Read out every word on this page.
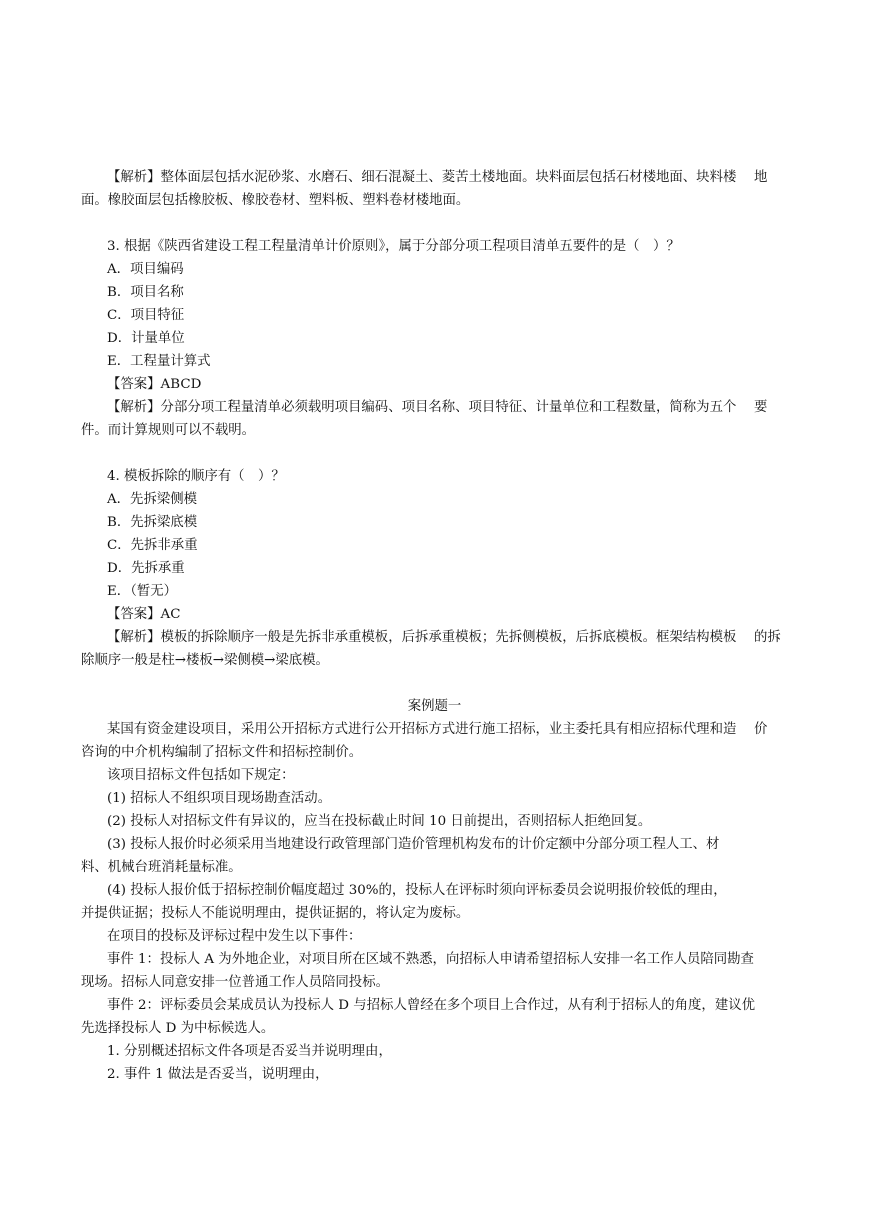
【解析】整体面层包括水泥砂浆、水磨石、细石混凝土、菱苦土楼地面。块料面层包括石材楼地面、块料楼　 地
面。橡胶面层包括橡胶板、橡胶卷材、塑料板、塑料卷材楼地面。
3. 根据《陕西省建设工程工程量清单计价原则》，属于分部分项工程项目清单五要件的是（　）？
A．项目编码
B．项目名称
C．项目特征
D．计量单位
E．工程量计算式
【答案】ABCD
【解析】分部分项工程量清单必须载明项目编码、项目名称、项目特征、计量单位和工程数量，简称为五个　 要
件。而计算规则可以不载明。
4. 模板拆除的顺序有（　）？
A．先拆梁侧模
B．先拆梁底模
C．先拆非承重
D．先拆承重
E．（暂无）
【答案】AC
【解析】模板的拆除顺序一般是先拆非承重模板，后拆承重模板；先拆侧模板，后拆底模板。框架结构模板　 的拆
除顺序一般是柱→楼板→梁侧模→梁底模。
案例题一
某国有资金建设项目，采用公开招标方式进行公开招标方式进行施工招标，业主委托具有相应招标代理和造　 价
咨询的中介机构编制了招标文件和招标控制价。
该项目招标文件包括如下规定：
(1) 招标人不组织项目现场勘查活动。
(2) 投标人对招标文件有异议的，应当在投标截止时间 10 日前提出，否则招标人拒绝回复。
(3) 投标人报价时必须采用当地建设行政管理部门造价管理机构发布的计价定额中分部分项工程人工、材
料、机械台班消耗量标准。
(4) 投标人报价低于招标控制价幅度超过 30%的，投标人在评标时须向评标委员会说明报价较低的理由，
并提供证据；投标人不能说明理由，提供证据的，将认定为废标。
在项目的投标及评标过程中发生以下事件：
事件 1：投标人 A 为外地企业，对项目所在区域不熟悉，向招标人申请希望招标人安排一名工作人员陪同勘查
现场。招标人同意安排一位普通工作人员陪同投标。
事件 2：评标委员会某成员认为投标人 D 与招标人曾经在多个项目上合作过，从有利于招标人的角度，建议优
先选择投标人 D 为中标候选人。
1. 分别概述招标文件各项是否妥当并说明理由，
2. 事件 1 做法是否妥当，说明理由，
